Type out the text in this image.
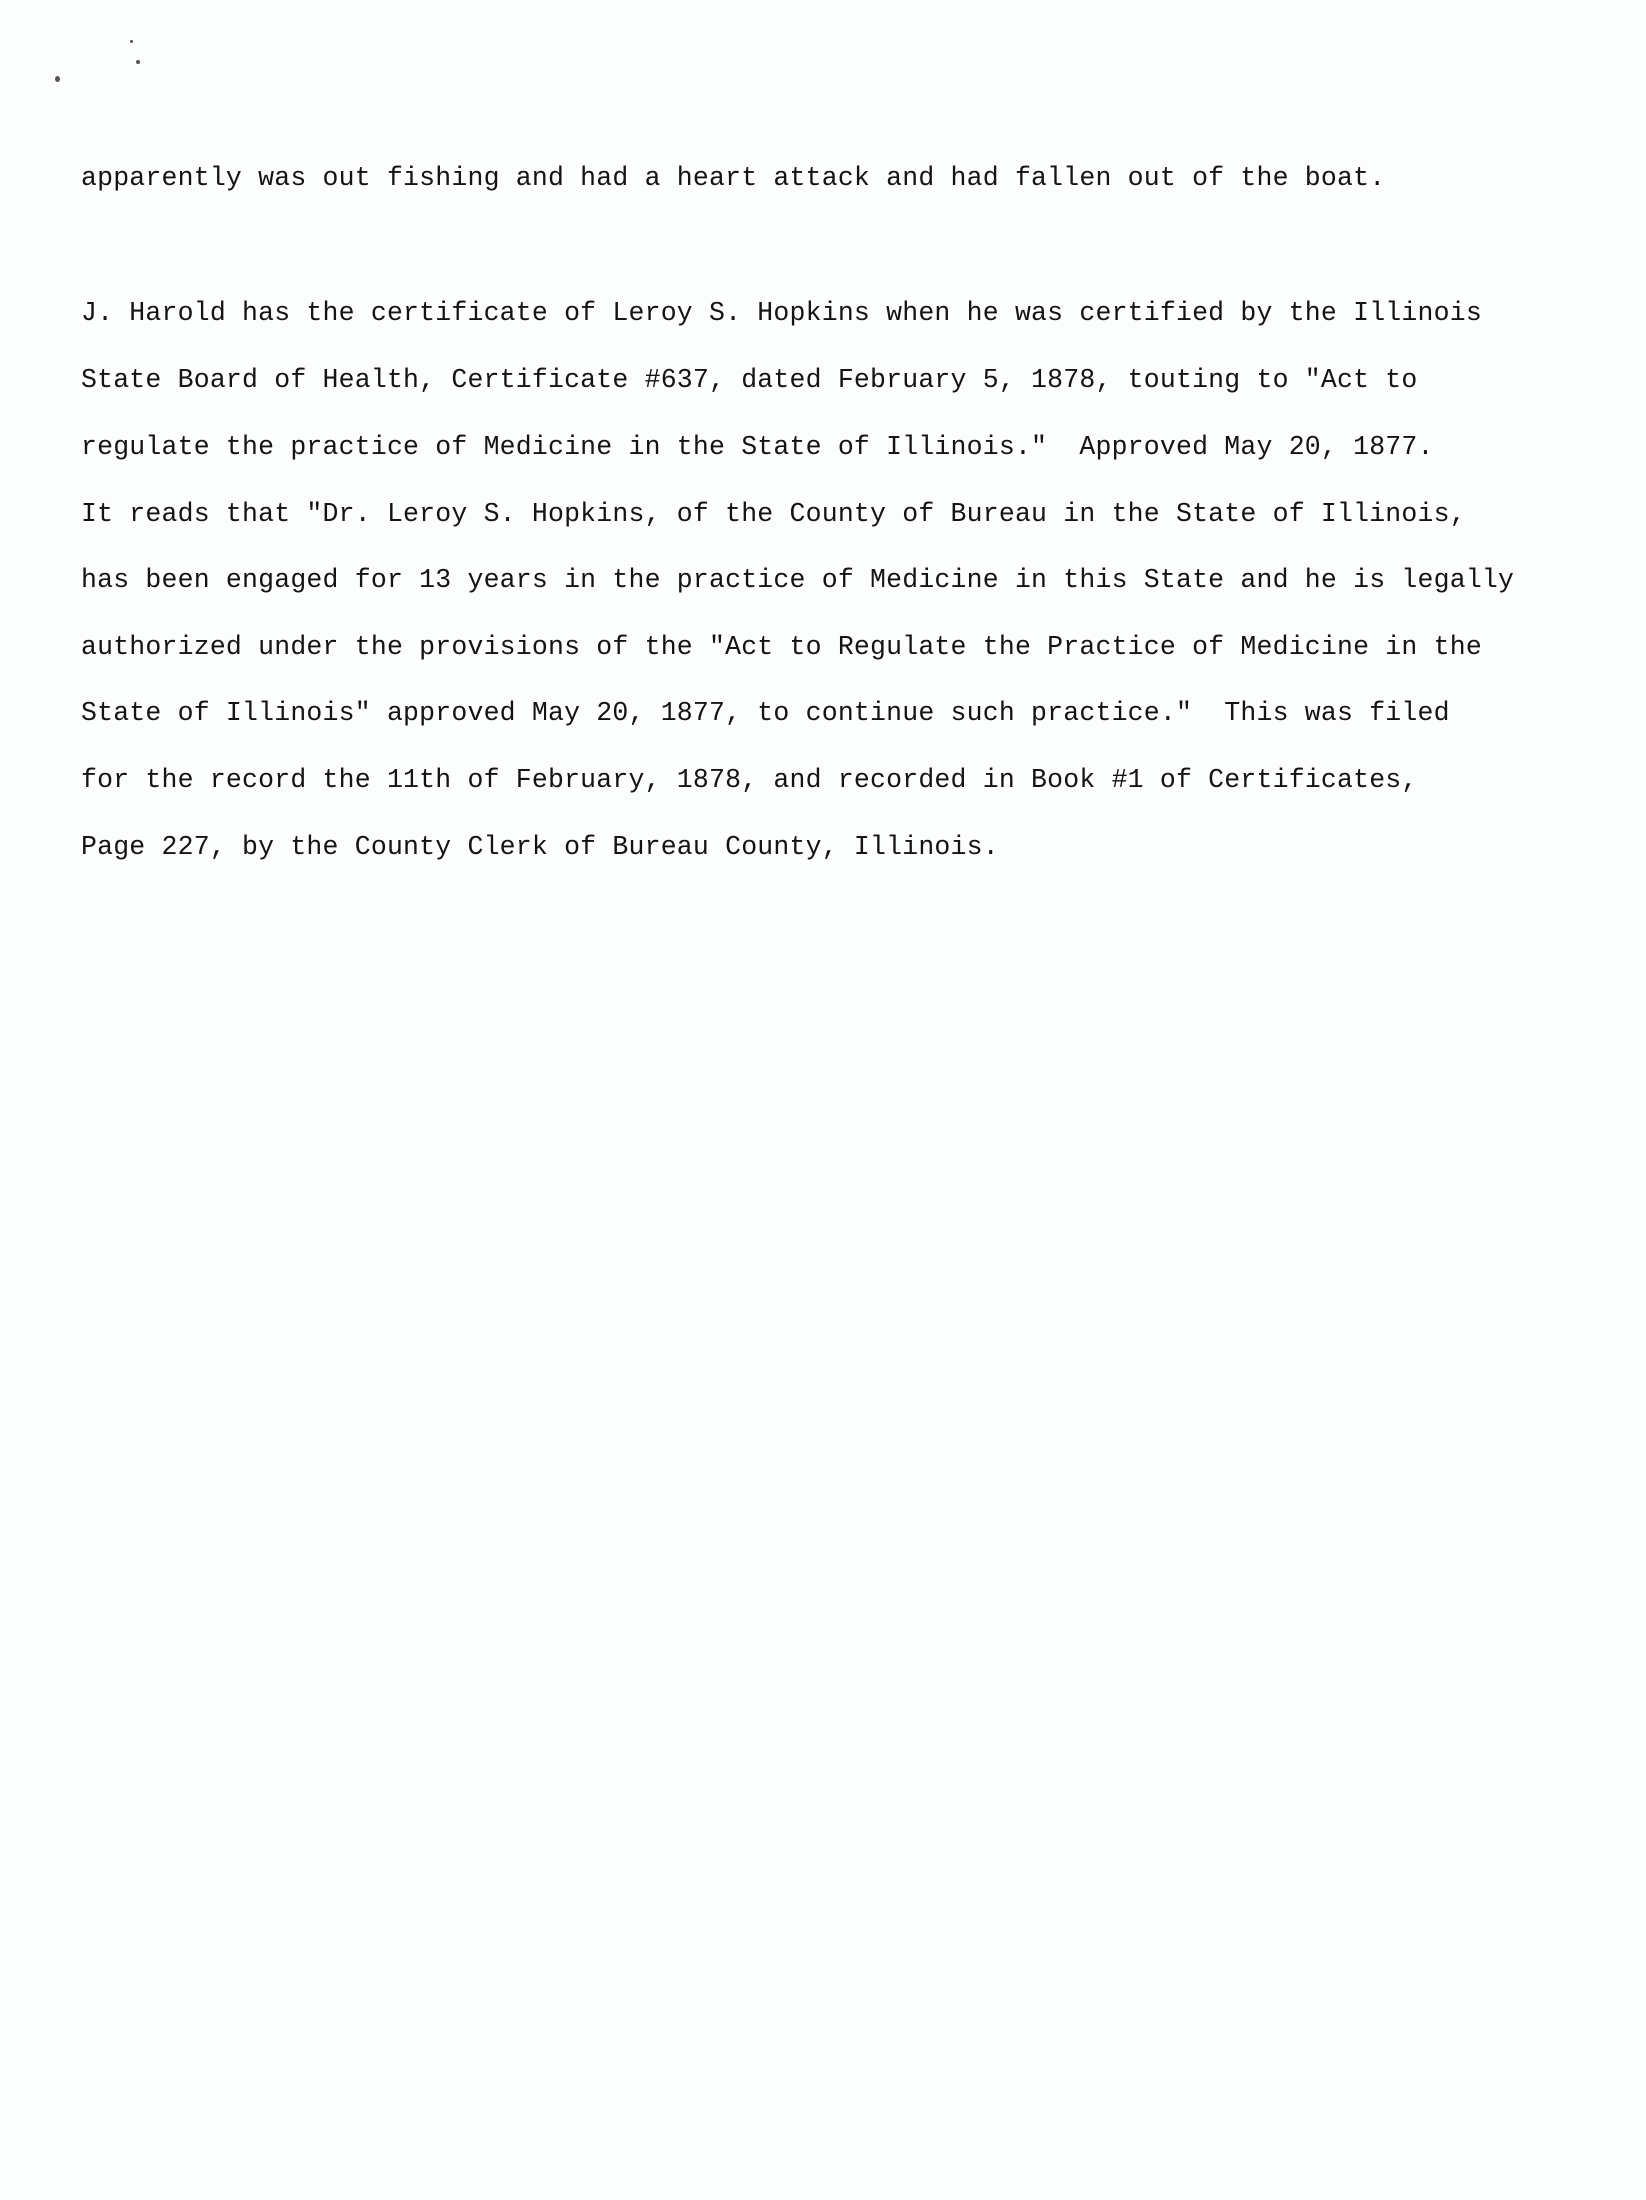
apparently was out fishing and had a heart attack and had fallen out of the boat.
J. Harold has the certificate of Leroy S. Hopkins when he was certified by the Illinois
State Board of Health, Certificate #637, dated February 5, 1878, touting to "Act to
regulate the practice of Medicine in the State of Illinois."  Approved May 20, 1877.
It reads that "Dr. Leroy S. Hopkins, of the County of Bureau in the State of Illinois,
has been engaged for 13 years in the practice of Medicine in this State and he is legally
authorized under the provisions of the "Act to Regulate the Practice of Medicine in the
State of Illinois" approved May 20, 1877, to continue such practice."  This was filed
for the record the 11th of February, 1878, and recorded in Book #1 of Certificates,
Page 227, by the County Clerk of Bureau County, Illinois.
